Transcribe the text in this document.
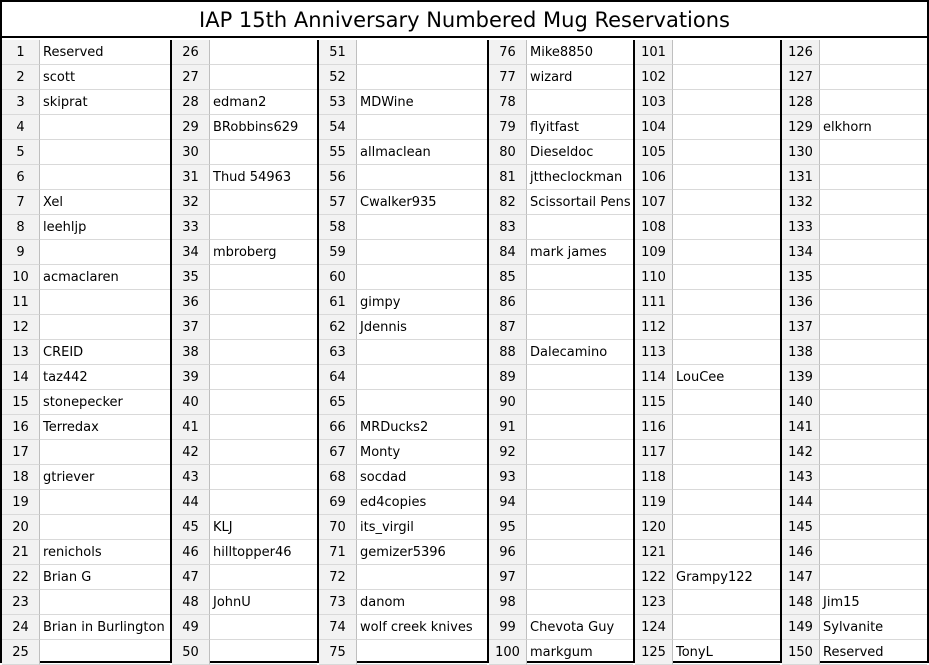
IAP 15th Anniversary Numbered Mug Reservations
1	Reserved
2	scott
3	skiprat
4
5
6
7	Xel
8	leehljp
9
10	acmaclaren
11
12
13	CREID
14	taz442
15	stonepecker
16	Terredax
17
18	gtriever
19
20
21	renichols
22	Brian G
23
24	Brian in Burlington
25
26
27
28	edman2
29	BRobbins629
30
31	Thud 54963
32
33
34	mbroberg
35
36
37
38
39
40
41
42
43
44
45	KLJ
46	hilltopper46
47
48	JohnU
49
50
51
52
53	MDWine
54
55	allmaclean
56
57	Cwalker935
58
59
60
61	gimpy
62	Jdennis
63
64
65
66	MRDucks2
67	Monty
68	socdad
69	ed4copies
70	its_virgil
71	gemizer5396
72
73	danom
74	wolf creek knives
75
76	Mike8850
77	wizard
78
79	flyitfast
80	Dieseldoc
81	jttheclockman
82	Scissortail Pens
83
84	mark james
85
86
87
88	Dalecamino
89
90
91
92
93
94
95
96
97
98
99	Chevota Guy
100 markgum
101
102
103
104
105
106
107
108
109
110
111
112
113
114 LouCee
115
116
117
118
119
120
121
122 Grampy122
123
124
125 TonyL
126
127
128
129 elkhorn
130
131
132
133
134
135
136
137
138
139
140
141
142
143
144
145
146
147
148 Jim15
149 Sylvanite
150 Reserved
